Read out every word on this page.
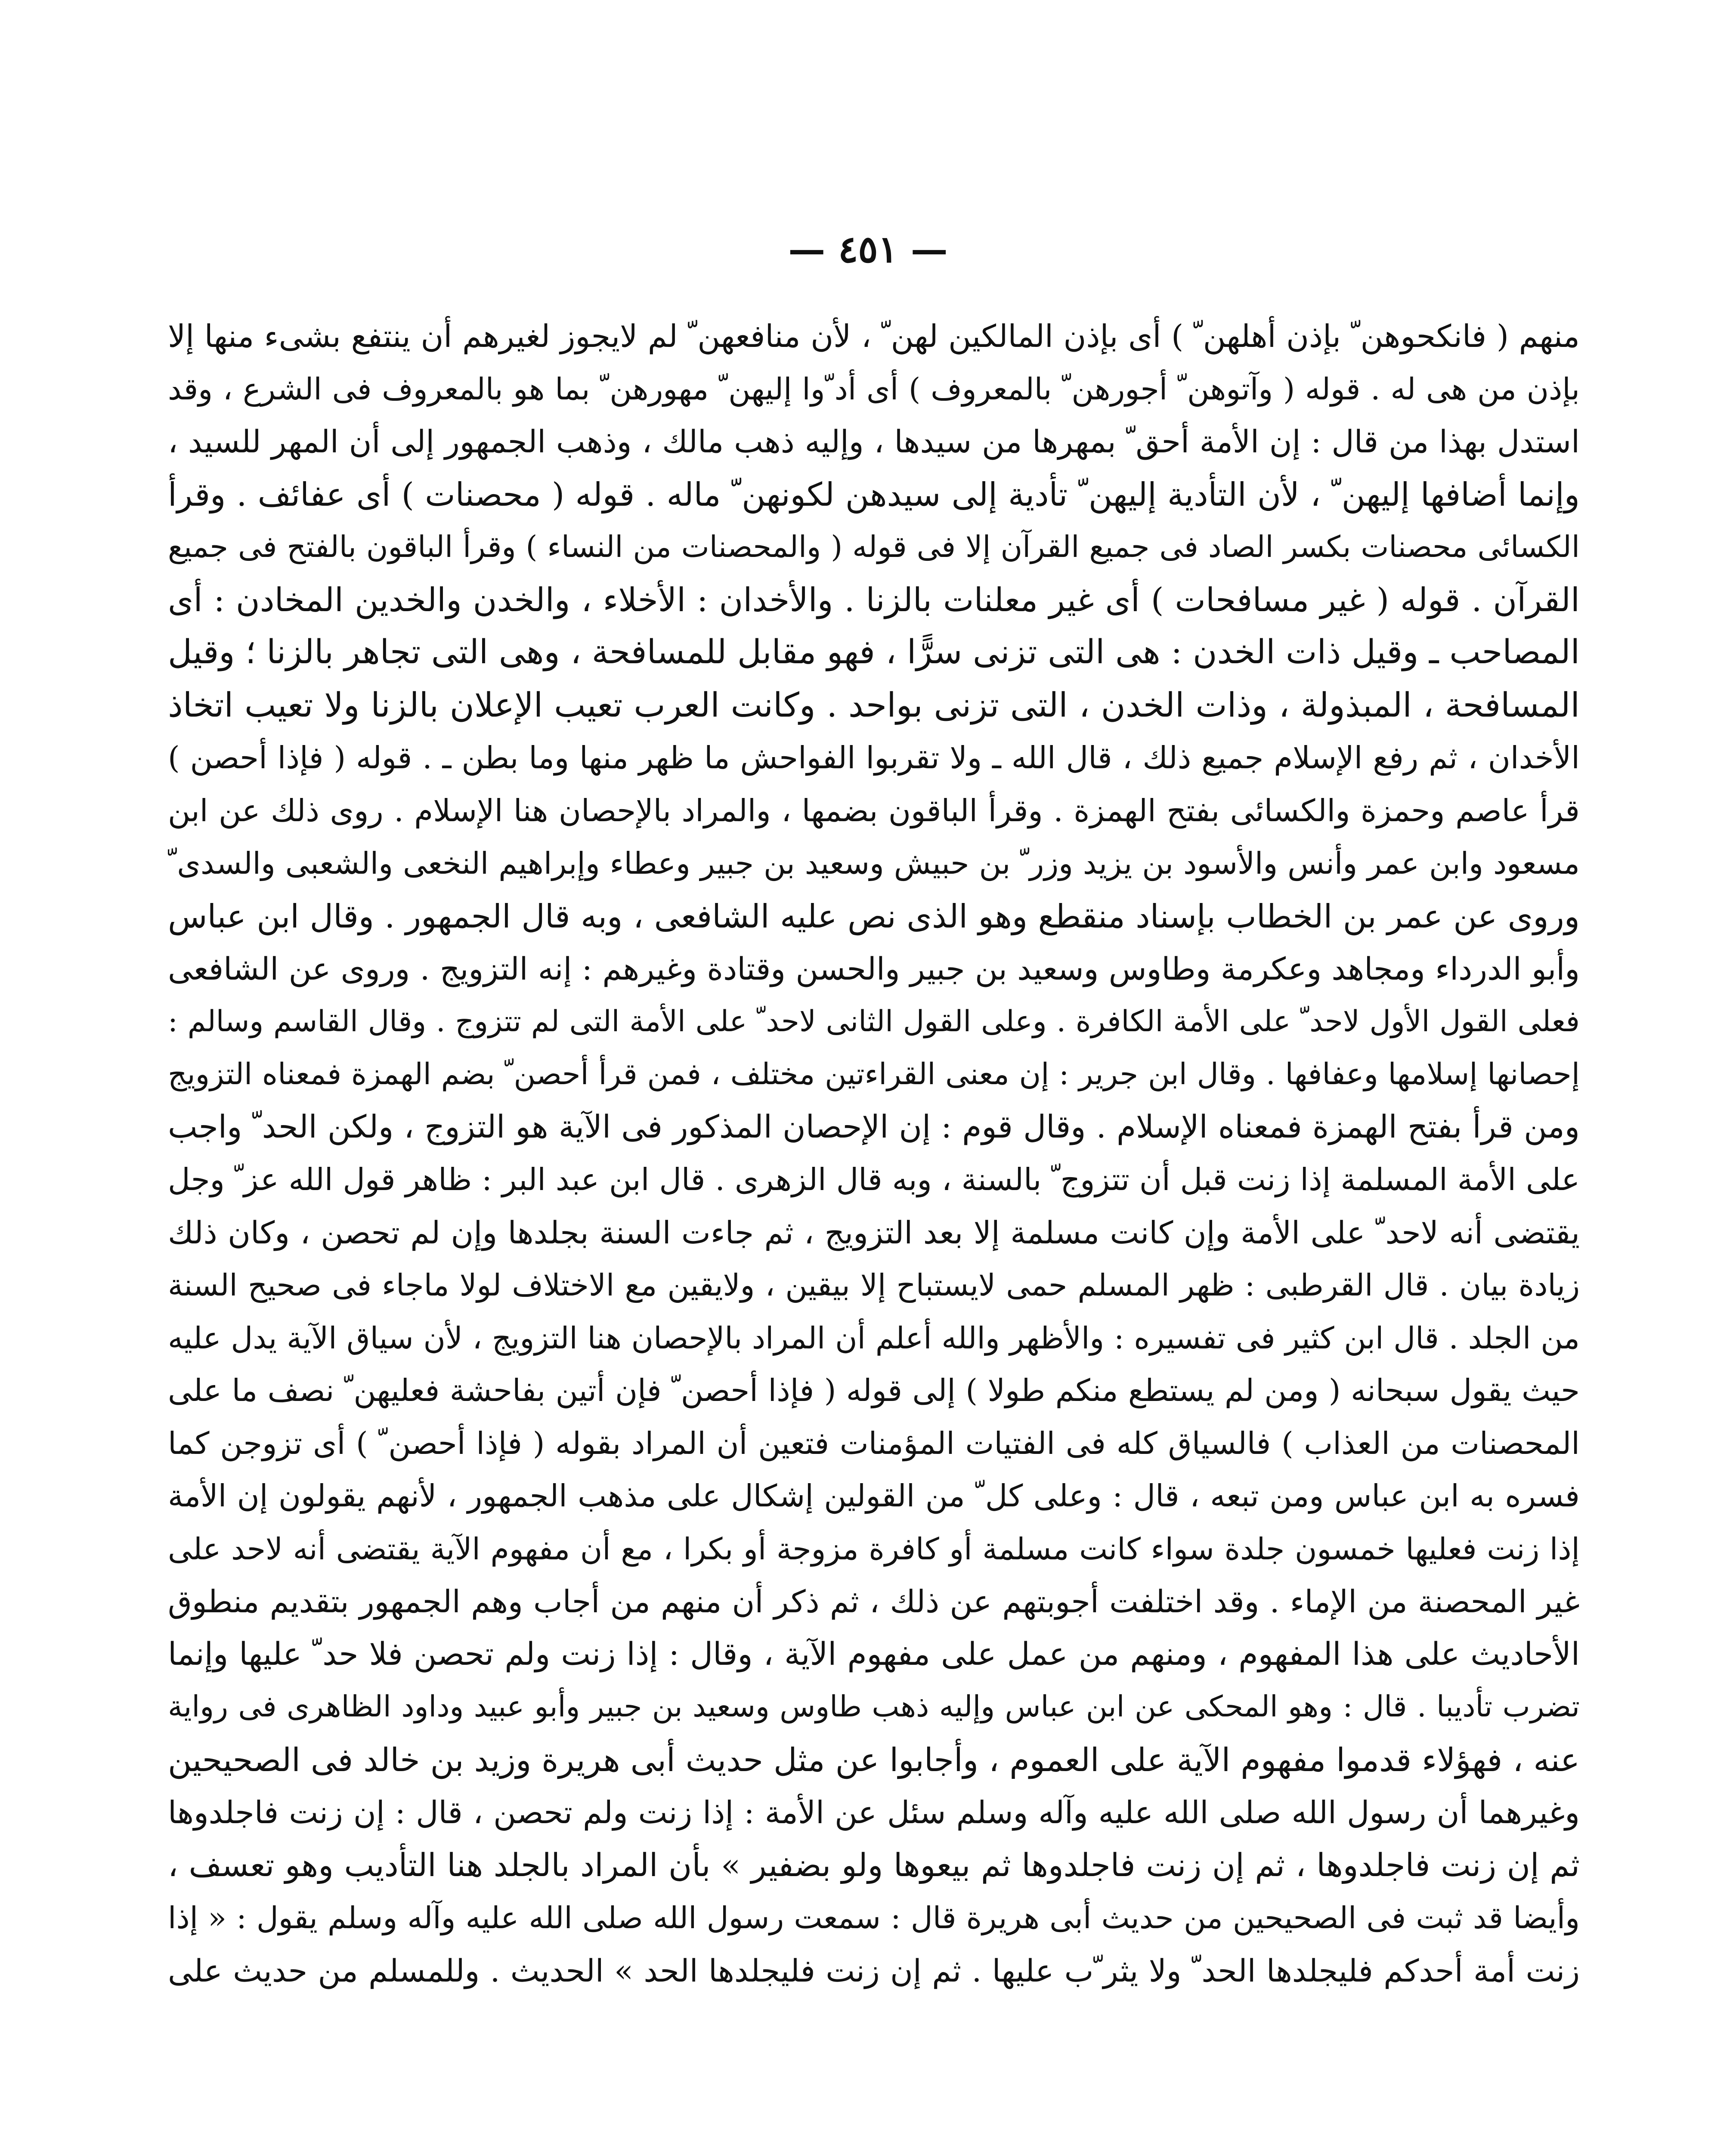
— ٤٥١ —
منهم ( فانكحوهن ّ بإذن أهلهن ّ ) أى بإذن المالكين لهن ّ ، لأن منافعهن ّ لم لايجوز لغيرهم أن ينتفع بشىء منها إلا
بإذن من هى له . قوله ( وآتوهن ّ أجورهن ّ بالمعروف ) أى أد ّوا إليهن ّ مهورهن ّ بما هو بالمعروف فى الشرع ، وقد
استدل بهذا من قال : إن الأمة أحق ّ بمهرها من سيدها ، وإليه ذهب مالك ، وذهب الجمهور إلى أن المهر للسيد ،
وإنما أضافها إليهن ّ ، لأن التأدية إليهن ّ تأدية إلى سيدهن لكونهن ّ ماله . قوله ( محصنات ) أى عفائف . وقرأ
الكسائى محصنات بكسر الصاد فى جميع القرآن إلا فى قوله ( والمحصنات من النساء ) وقرأ الباقون بالفتح فى جميع
القرآن . قوله ( غير مسافحات ) أى غير معلنات بالزنا . والأخدان : الأخلاء ، والخدن والخدين المخادن : أى
المصاحب ـ وقيل ذات الخدن : هى التى تزنى سرًّا ، فهو مقابل للمسافحة ، وهى التى تجاهر بالزنا ؛ وقيل
المسافحة ، المبذولة ، وذات الخدن ، التى تزنى بواحد . وكانت العرب تعيب الإعلان بالزنا ولا تعيب اتخاذ
الأخدان ، ثم رفع الإسلام جميع ذلك ، قال الله ـ ولا تقربوا الفواحش ما ظهر منها وما بطن ـ . قوله ( فإذا أحصن )
قرأ عاصم وحمزة والكسائى بفتح الهمزة . وقرأ الباقون بضمها ، والمراد بالإحصان هنا الإسلام . روى ذلك عن ابن
مسعود وابن عمر وأنس والأسود بن يزيد وزر ّ بن حبيش وسعيد بن جبير وعطاء وإبراهيم النخعى والشعبى والسدى ّ
وروى عن عمر بن الخطاب بإسناد منقطع وهو الذى نص عليه الشافعى ، وبه قال الجمهور . وقال ابن عباس
وأبو الدرداء ومجاهد وعكرمة وطاوس وسعيد بن جبير والحسن وقتادة وغيرهم : إنه التزويج . وروى عن الشافعى
فعلى القول الأول لاحد ّ على الأمة الكافرة . وعلى القول الثانى لاحد ّ على الأمة التى لم تتزوج . وقال القاسم وسالم :
إحصانها إسلامها وعفافها . وقال ابن جرير : إن معنى القراءتين مختلف ، فمن قرأ أحصن ّ بضم الهمزة فمعناه التزويج
ومن قرأ بفتح الهمزة فمعناه الإسلام . وقال قوم : إن الإحصان المذكور فى الآية هو التزوج ، ولكن الحد ّ واجب
على الأمة المسلمة إذا زنت قبل أن تتزوج ّ بالسنة ، وبه قال الزهرى . قال ابن عبد البر : ظاهر قول الله عز ّ وجل
يقتضى أنه لاحد ّ على الأمة وإن كانت مسلمة إلا بعد التزويج ، ثم جاءت السنة بجلدها وإن لم تحصن ، وكان ذلك
زيادة بيان . قال القرطبى : ظهر المسلم حمى لايستباح إلا بيقين ، ولايقين مع الاختلاف لولا ماجاء فى صحيح السنة
من الجلد . قال ابن كثير فى تفسيره : والأظهر والله أعلم أن المراد بالإحصان هنا التزويج ، لأن سياق الآية يدل عليه
حيث يقول سبحانه ( ومن لم يستطع منكم طولا ) إلى قوله ( فإذا أحصن ّ فإن أتين بفاحشة فعليهن ّ نصف ما على
المحصنات من العذاب ) فالسياق كله فى الفتيات المؤمنات فتعين أن المراد بقوله ( فإذا أحصن ّ ) أى تزوجن كما
فسره به ابن عباس ومن تبعه ، قال : وعلى كل ّ من القولين إشكال على مذهب الجمهور ، لأنهم يقولون إن الأمة
إذا زنت فعليها خمسون جلدة سواء كانت مسلمة أو كافرة مزوجة أو بكرا ، مع أن مفهوم الآية يقتضى أنه لاحد على
غير المحصنة من الإماء . وقد اختلفت أجوبتهم عن ذلك ، ثم ذكر أن منهم من أجاب وهم الجمهور بتقديم منطوق
الأحاديث على هذا المفهوم ، ومنهم من عمل على مفهوم الآية ، وقال : إذا زنت ولم تحصن فلا حد ّ عليها وإنما
تضرب تأديبا . قال : وهو المحكى عن ابن عباس وإليه ذهب طاوس وسعيد بن جبير وأبو عبيد وداود الظاهرى فى رواية
عنه ، فهؤلاء قدموا مفهوم الآية على العموم ، وأجابوا عن مثل حديث أبى هريرة وزيد بن خالد فى الصحيحين
وغيرهما أن رسول الله صلى الله عليه وآله وسلم سئل عن الأمة : إذا زنت ولم تحصن ، قال : إن زنت فاجلدوها
ثم إن زنت فاجلدوها ، ثم إن زنت فاجلدوها ثم بيعوها ولو بضفير » بأن المراد بالجلد هنا التأديب وهو تعسف ،
وأيضا قد ثبت فى الصحيحين من حديث أبى هريرة قال : سمعت رسول الله صلى الله عليه وآله وسلم يقول : « إذا
زنت أمة أحدكم فليجلدها الحد ّ ولا يثر ّب عليها . ثم إن زنت فليجلدها الحد » الحديث . وللمسلم من حديث على
